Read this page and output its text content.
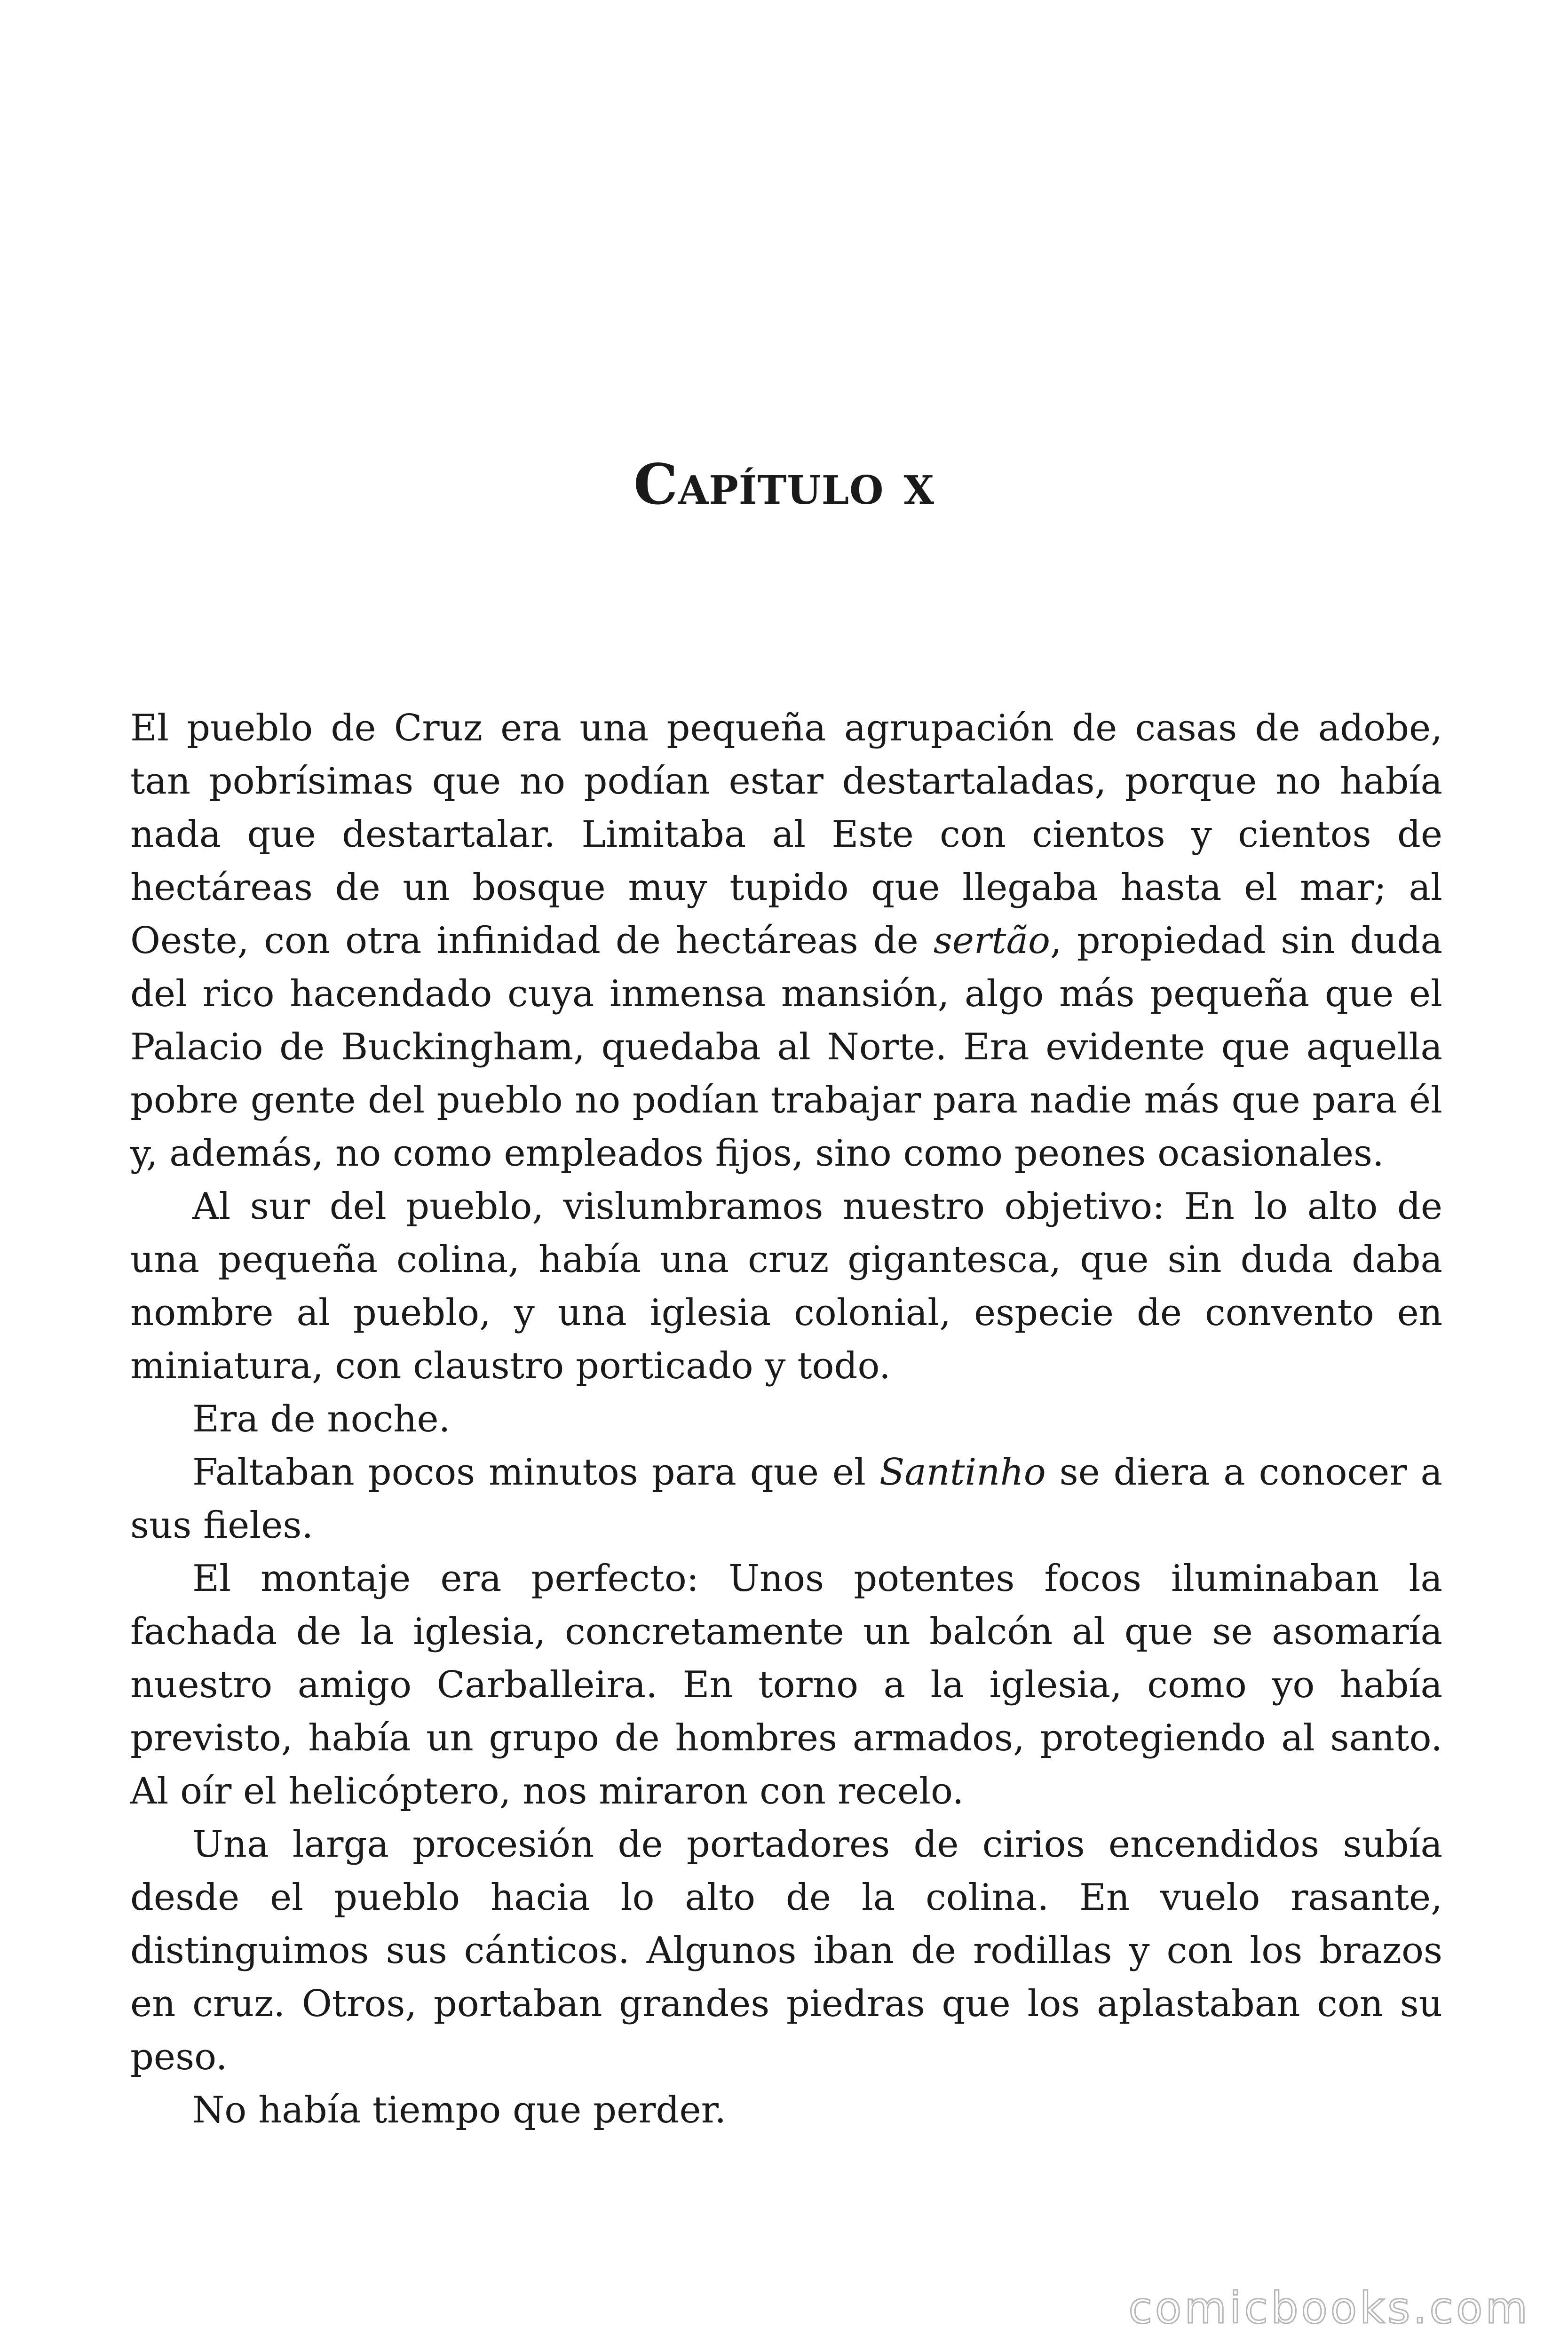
Capítulo x

El pueblo de Cruz era una pequeña agrupación de casas de adobe, tan pobrísimas que no podían estar destartaladas, porque no había nada que destartalar. Limitaba al Este con cientos y cientos de hectáreas de un bosque muy tupido que llegaba hasta el mar; al Oeste, con otra infinidad de hectáreas de sertão, propiedad sin duda del rico hacendado cuya inmensa mansión, algo más pequeña que el Palacio de Buckingham, quedaba al Norte. Era evidente que aquella pobre gente del pueblo no podían trabajar para nadie más que para él y, además, no como empleados fijos, sino como peones ocasionales.

Al sur del pueblo, vislumbramos nuestro objetivo: En lo alto de una pequeña colina, había una cruz gigantesca, que sin duda daba nombre al pueblo, y una iglesia colonial, especie de convento en miniatura, con claustro porticado y todo.

Era de noche.

Faltaban pocos minutos para que el Santinho se diera a conocer a sus fieles.

El montaje era perfecto: Unos potentes focos iluminaban la fachada de la iglesia, concretamente un balcón al que se asomaría nuestro amigo Carballeira. En torno a la iglesia, como yo había previsto, había un grupo de hombres armados, protegiendo al santo. Al oír el helicóptero, nos miraron con recelo.

Una larga procesión de portadores de cirios encendidos subía desde el pueblo hacia lo alto de la colina. En vuelo rasante, distinguimos sus cánticos. Algunos iban de rodillas y con los brazos en cruz. Otros, portaban grandes piedras que los aplastaban con su peso.

No había tiempo que perder.

comicbooks.com
